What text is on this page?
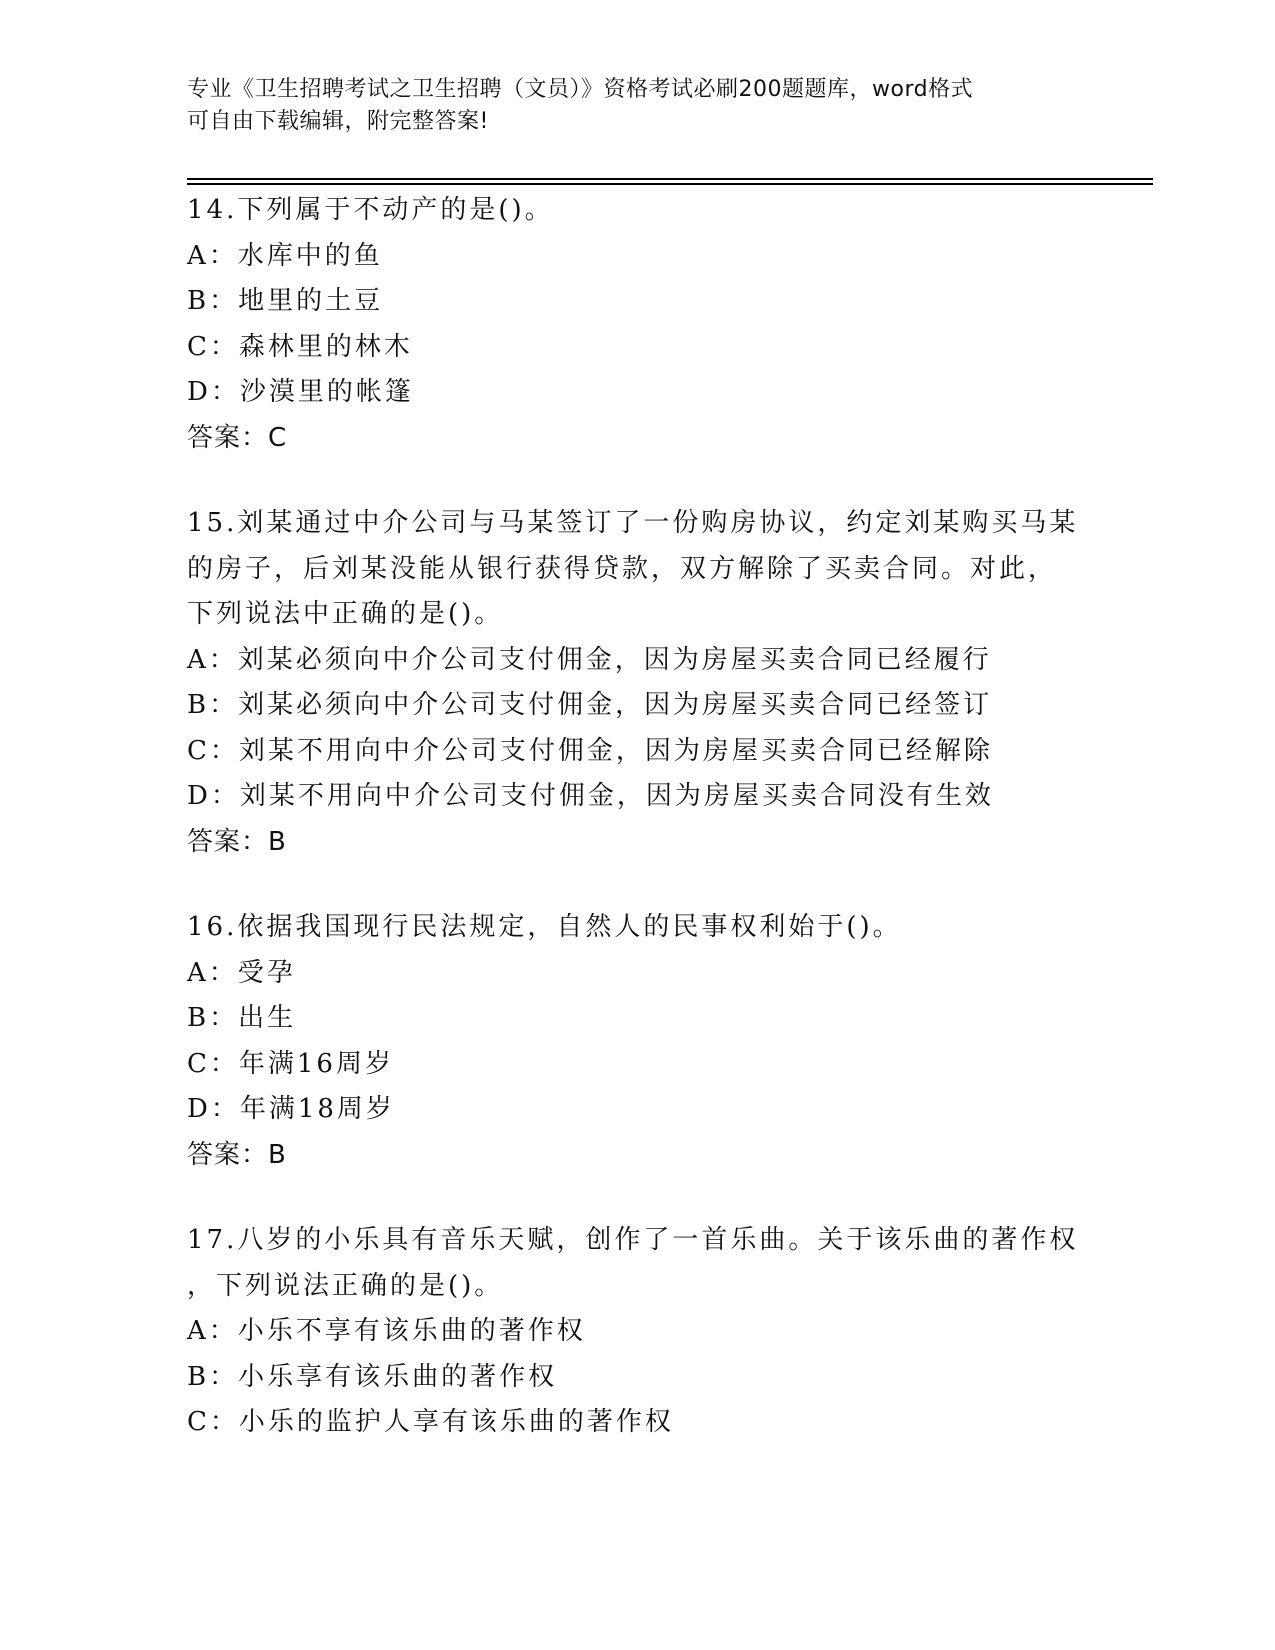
专业《卫生招聘考试之卫生招聘（文员）》资格考试必刷200题题库，word格式
可自由下载编辑，附完整答案!
14.下列属于不动产的是()。
A：水库中的鱼
B：地里的土豆
C：森林里的林木
D：沙漠里的帐篷
答案：C
15.刘某通过中介公司与马某签订了一份购房协议，约定刘某购买马某
的房子，后刘某没能从银行获得贷款，双方解除了买卖合同。对此，
下列说法中正确的是()。
A：刘某必须向中介公司支付佣金，因为房屋买卖合同已经履行
B：刘某必须向中介公司支付佣金，因为房屋买卖合同已经签订
C：刘某不用向中介公司支付佣金，因为房屋买卖合同已经解除
D：刘某不用向中介公司支付佣金，因为房屋买卖合同没有生效
答案：B
16.依据我国现行民法规定，自然人的民事权利始于()。
A：受孕
B：出生
C：年满16周岁
D：年满18周岁
答案：B
17.八岁的小乐具有音乐天赋，创作了一首乐曲。关于该乐曲的著作权
，下列说法正确的是()。
A：小乐不享有该乐曲的著作权
B：小乐享有该乐曲的著作权
C：小乐的监护人享有该乐曲的著作权
